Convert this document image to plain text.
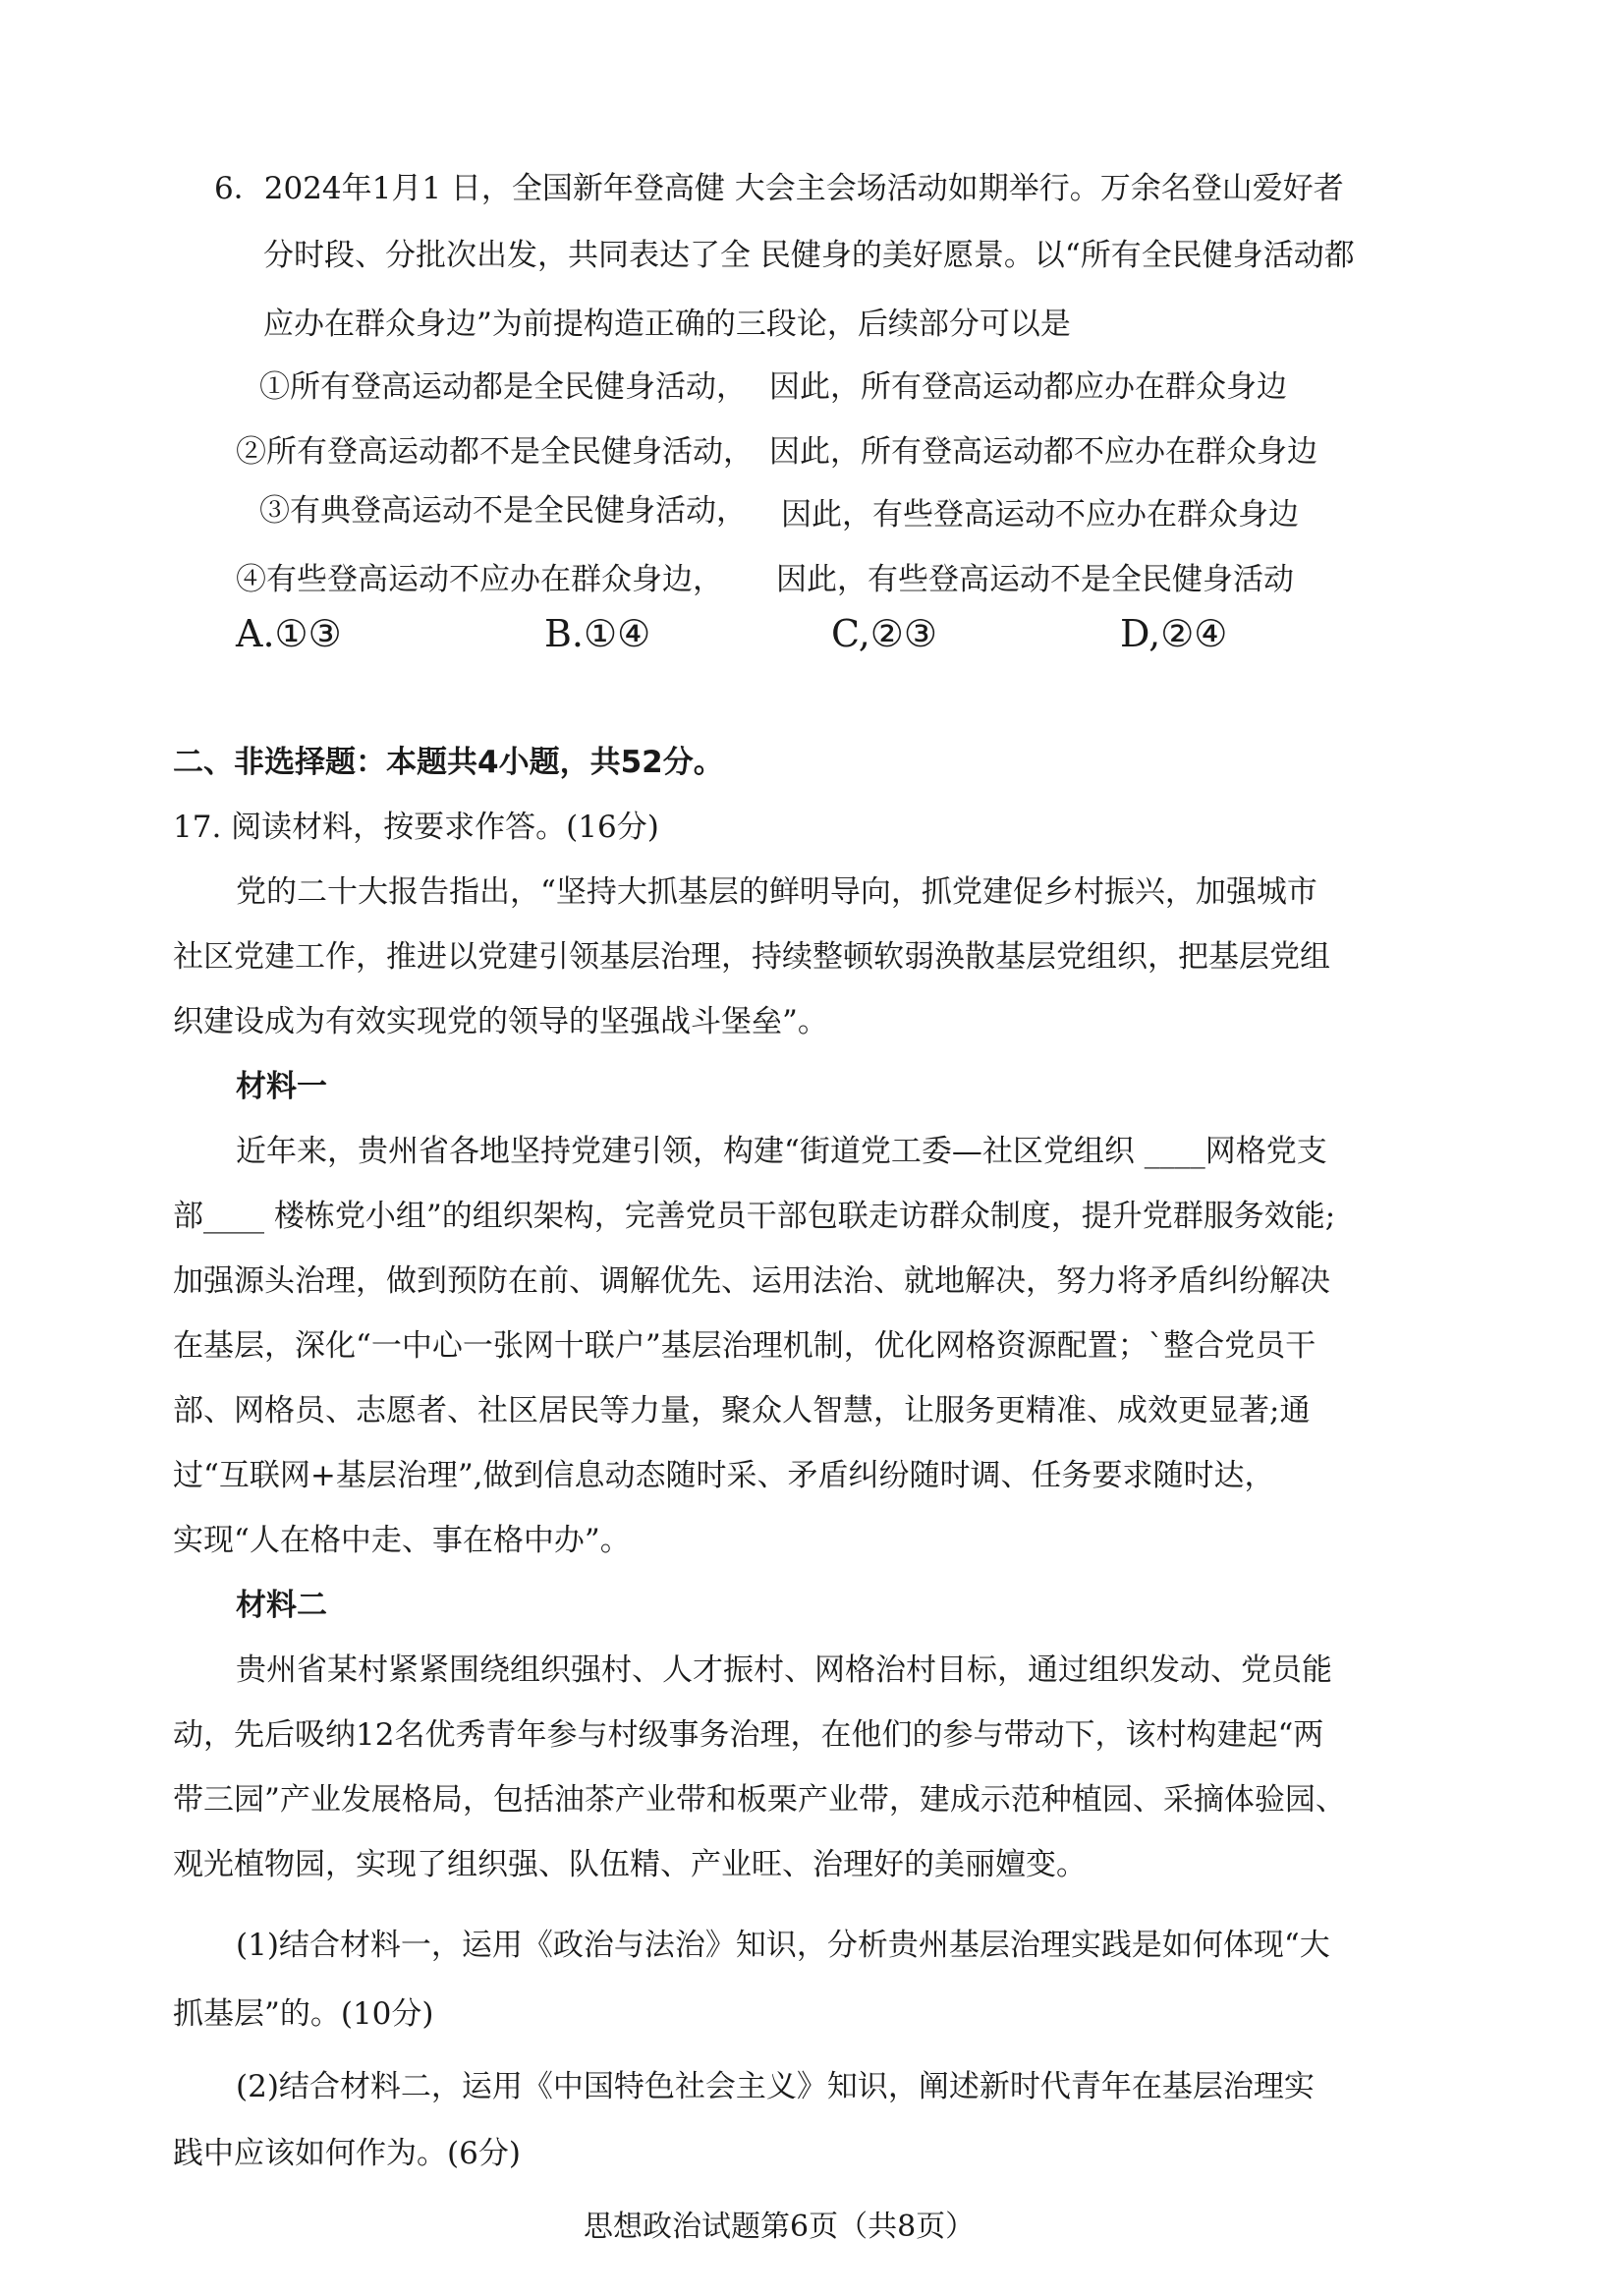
6．2024年1月1 日，全国新年登高健 大会主会场活动如期举行。万余名登山爱好者
分时段、分批次出发，共同表达了全 民健身的美好愿景。以“所有全民健身活动都
应办在群众身边”为前提构造正确的三段论，后续部分可以是
①所有登高运动都是全民健身活动， 因此，所有登高运动都应办在群众身边
②所有登高运动都不是全民健身活动， 因此，所有登高运动都不应办在群众身边
③有典登高运动不是全民健身活动， 因此，有些登高运动不应办在群众身边
④有些登高运动不应办在群众身边， 因此，有些登高运动不是全民健身活动
A.①③	B.①④	C,②③	D,②④
二、非选择题：本题共4小题，共52分。
17. 阅读材料，按要求作答。(16分)
党的二十大报告指出，“坚持大抓基层的鲜明导向，抓党建促乡村振兴，加强城市
社区党建工作，推进以党建引领基层治理，持续整顿软弱涣散基层党组织，把基层党组
织建设成为有效实现党的领导的坚强战斗堡垒”。
材料一
近年来，贵州省各地坚持党建引领，构建“街道党工委—社区党组织 ____网格党支
部____ 楼栋党小组”的组织架构，完善党员干部包联走访群众制度，提升党群服务效能;
加强源头治理，做到预防在前、调解优先、运用法治、就地解决，努力将矛盾纠纷解决
在基层，深化“一中心一张网十联户”基层治理机制，优化网格资源配置；`整合党员干
部、网格员、志愿者、社区居民等力量，聚众人智慧，让服务更精准、成效更显著;通
过“互联网+基层治理”,做到信息动态随时采、矛盾纠纷随时调、任务要求随时达，
实现“人在格中走、事在格中办”。
材料二
贵州省某村紧紧围绕组织强村、人才振村、网格治村目标，通过组织发动、党员能
动，先后吸纳12名优秀青年参与村级事务治理，在他们的参与带动下，该村构建起“两
带三园”产业发展格局，包括油茶产业带和板栗产业带，建成示范种植园、采摘体验园、
观光植物园，实现了组织强、队伍精、产业旺、治理好的美丽嬗变。
(1)结合材料一，运用《政治与法治》知识，分析贵州基层治理实践是如何体现“大
抓基层”的。(10分)
(2)结合材料二，运用《中国特色社会主义》知识，阐述新时代青年在基层治理实
践中应该如何作为。(6分)
思想政治试题第6页（共8页）
